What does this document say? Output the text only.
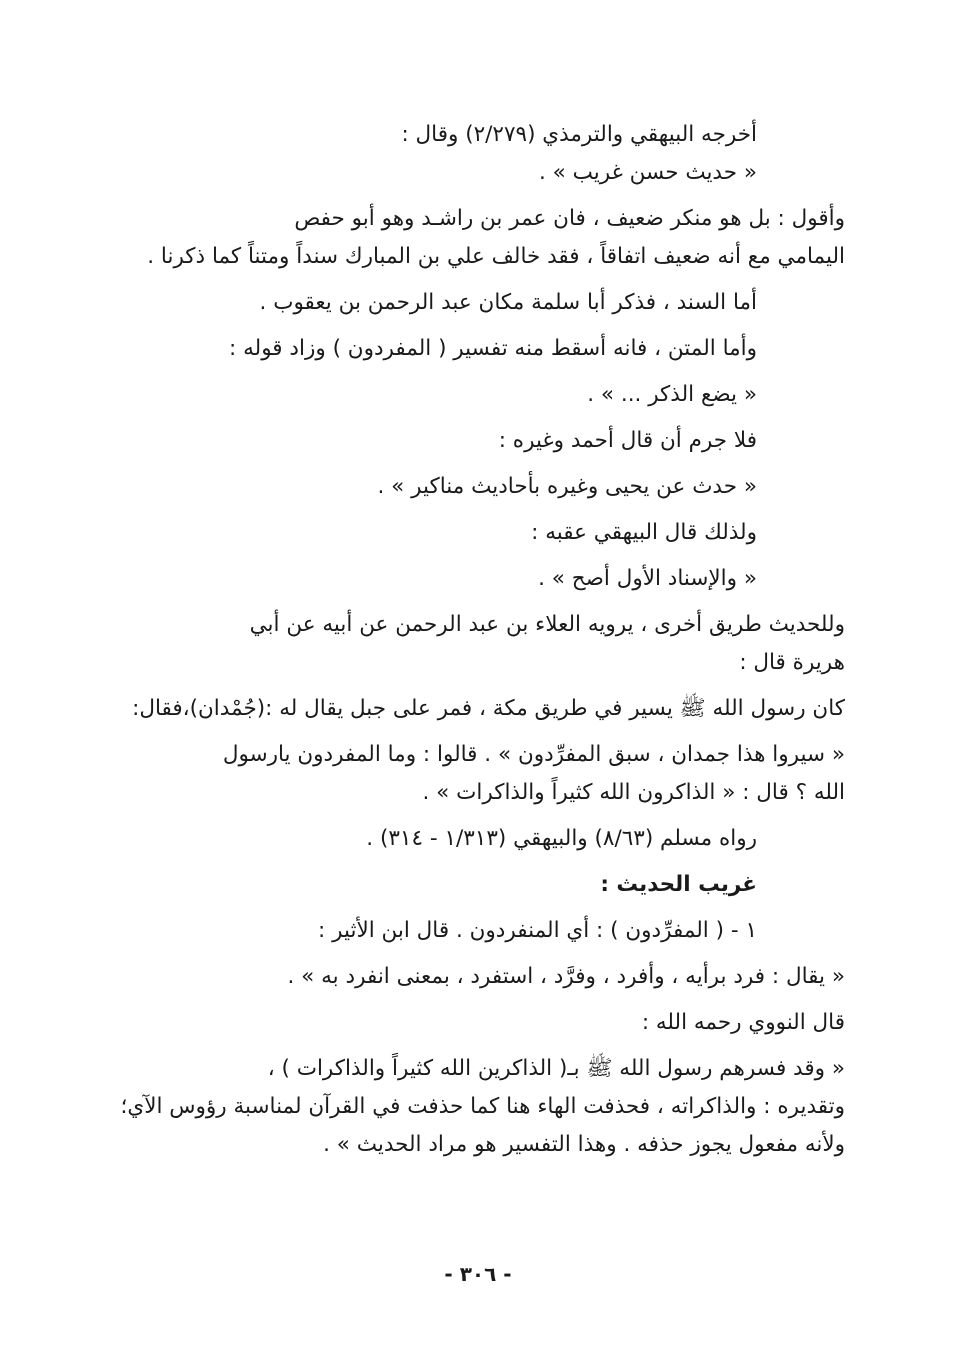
أخرجه البيهقي والترمذي (٢/٢٧٩) وقال :
« حديث حسن غريب » .
وأقول : بل هو منكر ضعيف ، فان عمر بن راشـد وهو أبو حفص
اليمامي مع أنه ضعيف اتفاقاً ، فقد خالف علي بن المبارك سنداً ومتناً كما ذكرنا .
أما السند ، فذكر أبا سلمة مكان عبد الرحمن بن يعقوب .
وأما المتن ، فانه أسقط منه تفسير ( المفردون ) وزاد قوله :
« يضع الذكر ... » .
فلا جرم أن قال أحمد وغيره :
« حدث عن يحيى وغيره بأحاديث مناكير » .
ولذلك قال البيهقي عقبه :
« والإسناد الأول أصح » .
وللحديث طريق أخرى ، يرويه العلاء بن عبد الرحمن عن أبيه عن أبي
هريرة قال :
كان رسول الله ﷺ يسير في طريق مكة ، فمر على جبل يقال له :(جُمْدان)،فقال:
« سيروا هذا جمدان ، سبق المفرِّدون » . قالوا : وما المفردون يارسول
الله ؟ قال : « الذاكرون الله كثيراً والذاكرات » .
رواه مسلم (٨/٦٣) والبيهقي (١/٣١٣ - ٣١٤) .
غريب الحديث :
١ - ( المفرِّدون ) : أي المنفردون . قال ابن الأثير :
« يقال : فرد برأيه ، وأفرد ، وفرَّد ، استفرد ، بمعنى انفرد به » .
قال النووي رحمه الله :
« وقد فسرهم رسول الله ﷺ بـ( الذاكرين الله كثيراً والذاكرات ) ،
وتقديره : والذاكراته ، فحذفت الهاء هنا كما حذفت في القرآن لمناسبة رؤوس الآي؛
ولأنه مفعول يجوز حذفه . وهذا التفسير هو مراد الحديث » .
- ٣٠٦ -
